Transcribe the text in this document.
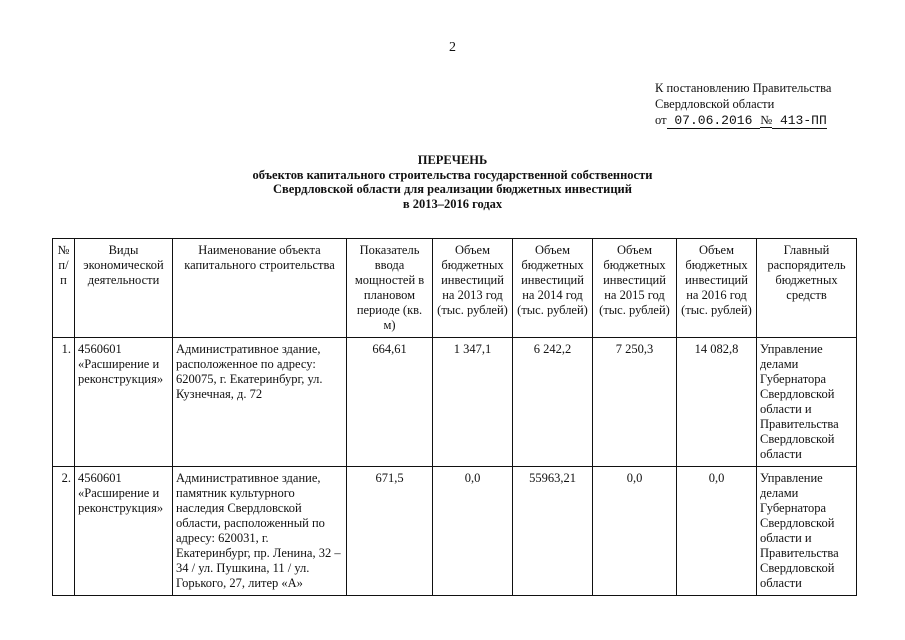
2
К постановлению Правительства
Свердловской области
от 07.06.2016 № 413-ПП
ПЕРЕЧЕНЬ
объектов капитального строительства государственной собственности
Свердловской области для реализации бюджетных инвестиций
в 2013–2016 годах
№ п/п	Виды экономической деятельности	Наименование объекта капитального строительства	Показатель ввода мощностей в плановом периоде (кв. м)	Объем бюджетных инвестиций на 2013 год (тыс. рублей)	Объем бюджетных инвестиций на 2014 год (тыс. рублей)	Объем бюджетных инвестиций на 2015 год (тыс. рублей)	Объем бюджетных инвестиций на 2016 год (тыс. рублей)	Главный распорядитель бюджетных средств
1.	4560601 «Расширение и реконструкция»	Административное здание, расположенное по адресу: 620075, г. Екатеринбург, ул. Кузнечная, д. 72	664,61	1 347,1	6 242,2	7 250,3	14 082,8	Управление делами Губернатора Свердловской области и Правительства Свердловской области
2.	4560601 «Расширение и реконструкция»	Административное здание, памятник культурного наследия Свердловской области, расположенный по адресу: 620031, г. Екатеринбург, пр. Ленина, 32 – 34 / ул. Пушкина, 11 / ул. Горького, 27, литер «А»	671,5	0,0	55963,21	0,0	0,0	Управление делами Губернатора Свердловской области и Правительства Свердловской области
